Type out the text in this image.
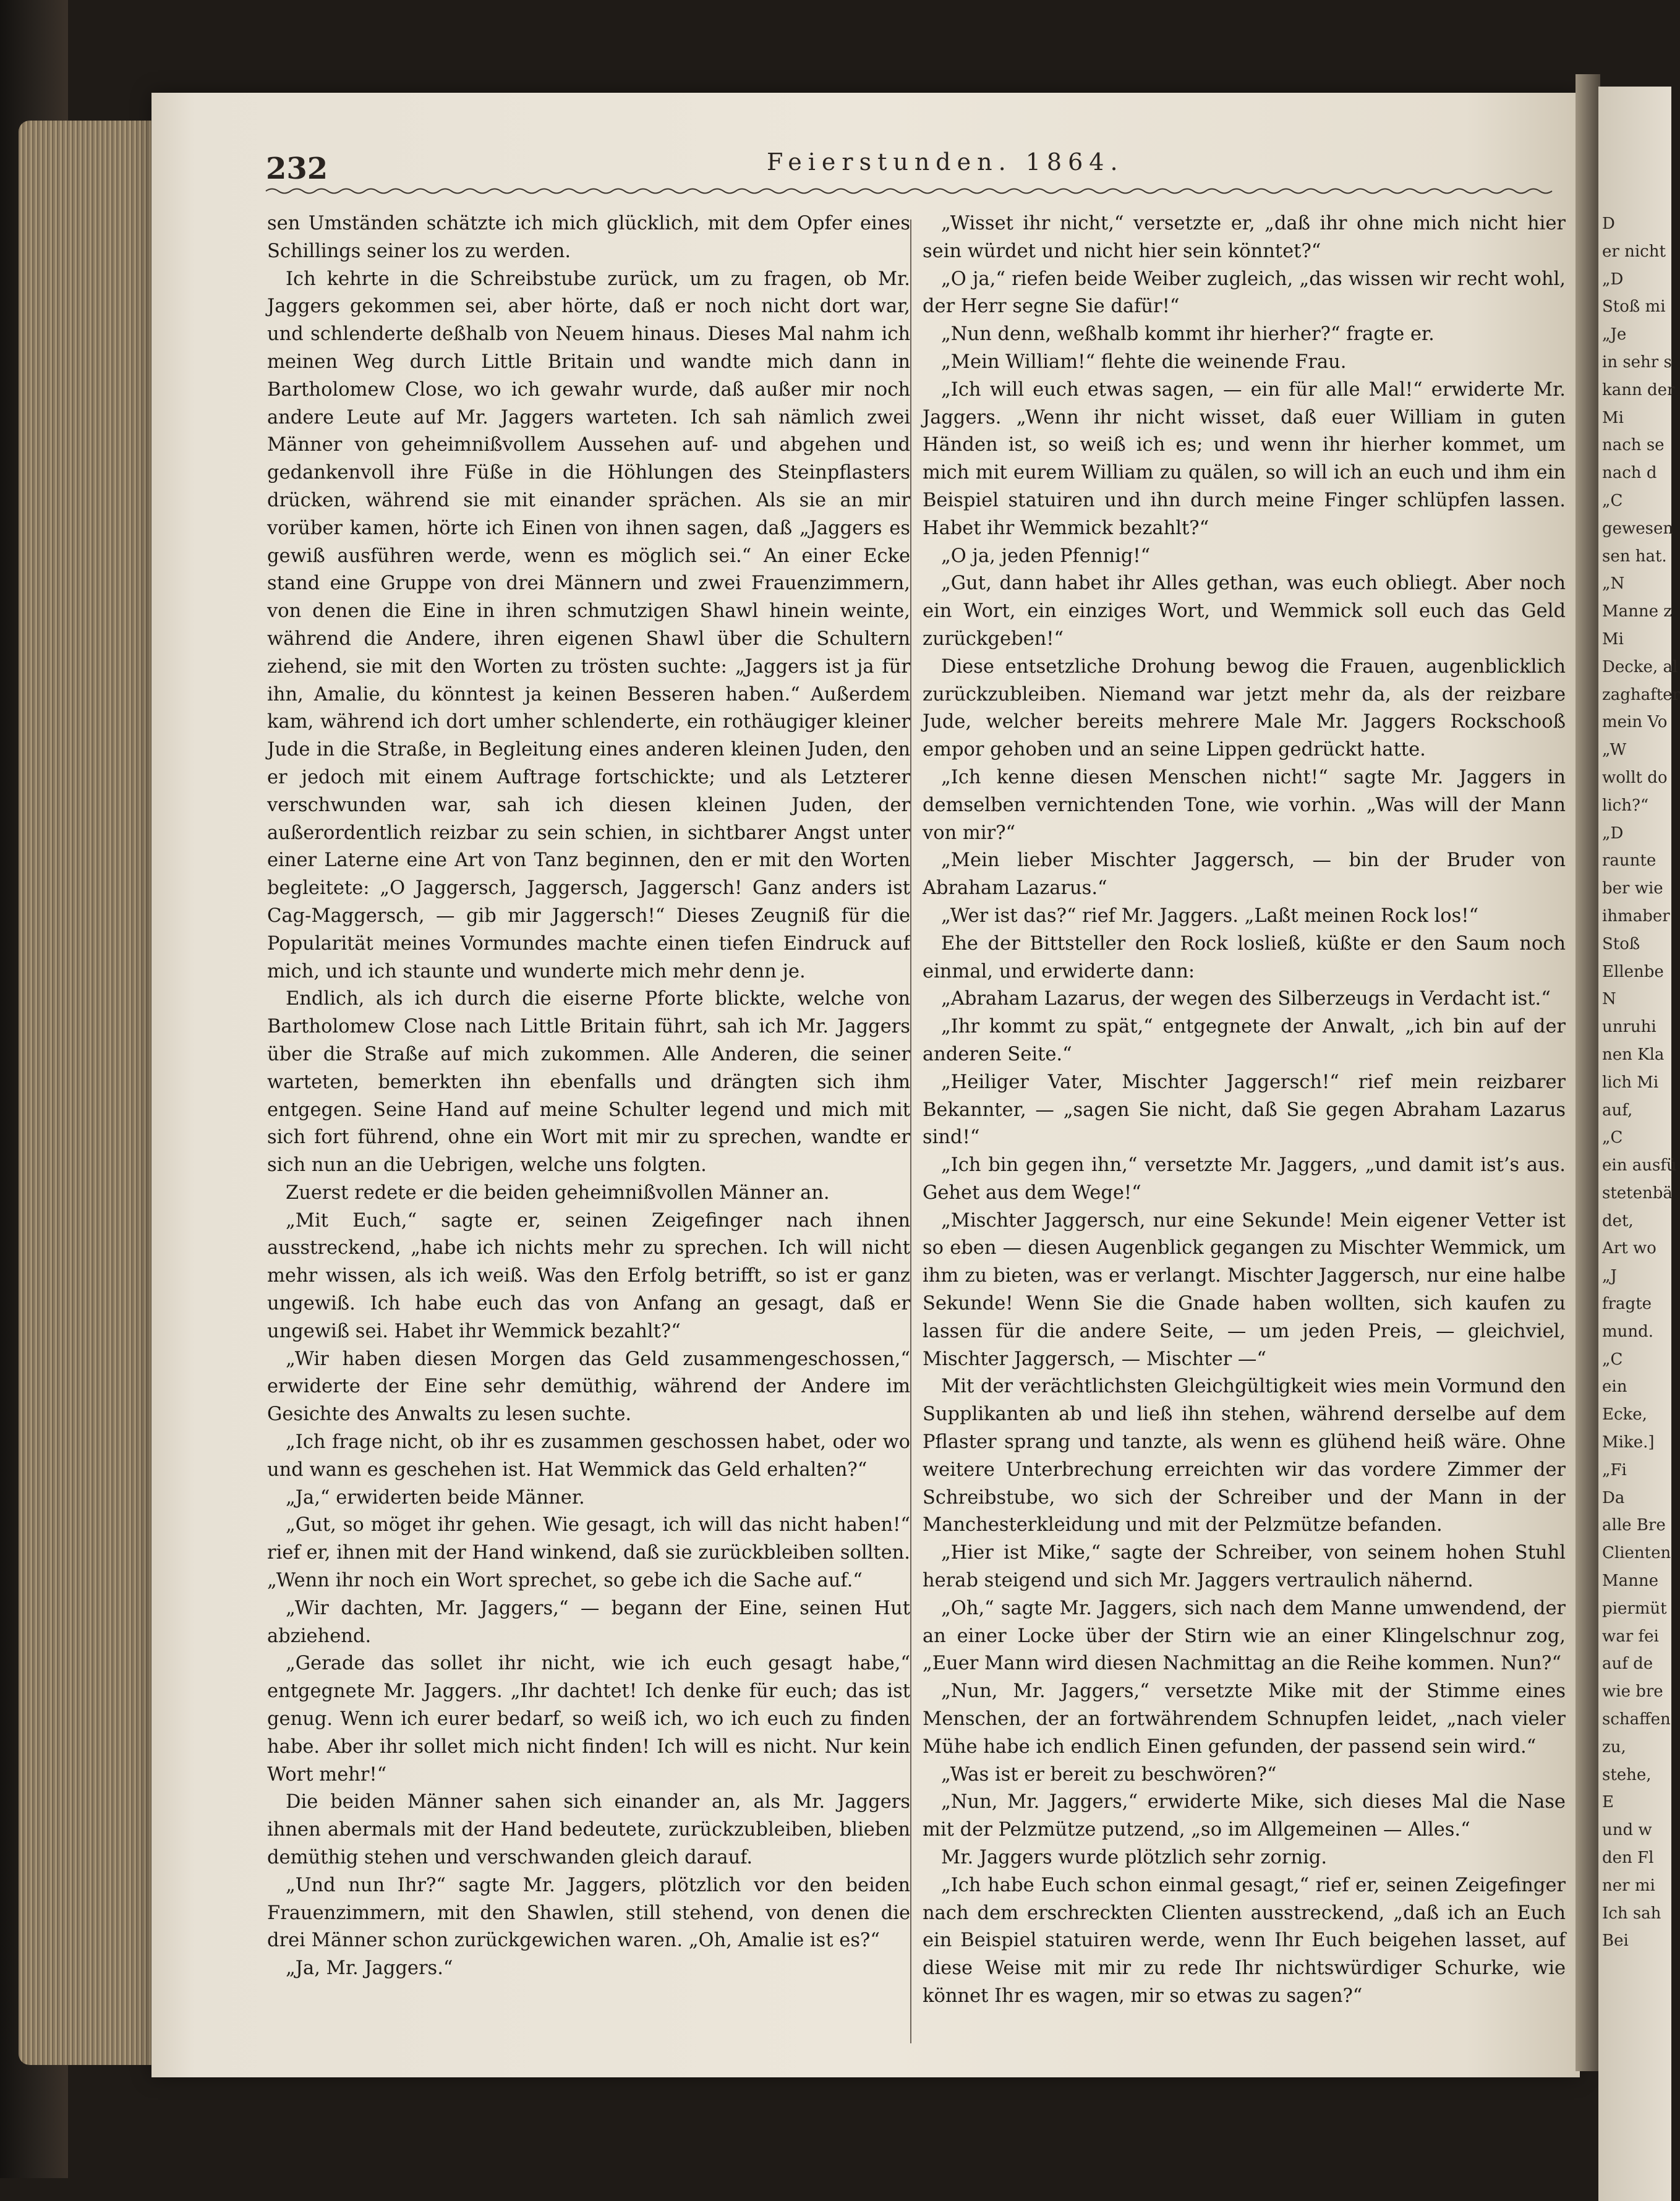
D
er nicht
„D
Stoß mi
„Je
in sehr s
kann der
Mi
nach se
nach d
„C
gewesen
sen hat.
„N
Manne z
Mi
Decke, al
zaghafter
mein Vo
„W
wollt do
lich?“
„D
raunte
ber wie
ihmaber
Stoß
Ellenbe
N
unruhi
nen Kla
lich Mi
auf,
„C
ein ausfü
stetenbä
det,
Art wo
„J
fragte
mund.
„C
ein
Ecke,
Mike.]
„Fi
Da
alle Bre
Clienten
Manne
piermüt
war fei
auf de
wie bre
schaffen
zu,
stehe,
E
und w
den Fl
ner mi
Ich sah
Bei
232	Feierstunden. 1864.

sen Umständen schätzte ich mich glücklich, mit dem Opfer eines Schillings seiner los zu werden.

Ich kehrte in die Schreibstube zurück, um zu fragen, ob Mr. Jaggers gekommen sei, aber hörte, daß er noch nicht dort war, und schlenderte deßhalb von Neuem hinaus. Dieses Mal nahm ich meinen Weg durch Little Britain und wandte mich dann in Bartholomew Close, wo ich gewahr wurde, daß außer mir noch andere Leute auf Mr. Jaggers warteten. Ich sah nämlich zwei Männer von geheimnißvollem Aussehen auf- und abgehen und gedankenvoll ihre Füße in die Höhlungen des Steinpflasters drücken, während sie mit einander sprächen. Als sie an mir vorüber kamen, hörte ich Einen von ihnen sagen, daß „Jaggers es gewiß ausführen werde, wenn es möglich sei.“ An einer Ecke stand eine Gruppe von drei Männern und zwei Frauenzimmern, von denen die Eine in ihren schmutzigen Shawl hinein weinte, während die Andere, ihren eigenen Shawl über die Schultern ziehend, sie mit den Worten zu trösten suchte: „Jaggers ist ja für ihn, Amalie, du könntest ja keinen Besseren haben.“ Außerdem kam, während ich dort umher schlenderte, ein rothäugiger kleiner Jude in die Straße, in Begleitung eines anderen kleinen Juden, den er jedoch mit einem Auftrage fortschickte; und als Letzterer verschwunden war, sah ich diesen kleinen Juden, der außerordentlich reizbar zu sein schien, in sichtbarer Angst unter einer Laterne eine Art von Tanz beginnen, den er mit den Worten begleitete: „O Jaggersch, Jaggersch, Jaggersch! Ganz anders ist Cag-Maggersch, — gib mir Jaggersch!“ Dieses Zeugniß für die Popularität meines Vormundes machte einen tiefen Eindruck auf mich, und ich staunte und wunderte mich mehr denn je.

Endlich, als ich durch die eiserne Pforte blickte, welche von Bartholomew Close nach Little Britain führt, sah ich Mr. Jaggers über die Straße auf mich zukommen. Alle Anderen, die seiner warteten, bemerkten ihn ebenfalls und drängten sich ihm entgegen. Seine Hand auf meine Schulter legend und mich mit sich fort führend, ohne ein Wort mit mir zu sprechen, wandte er sich nun an die Uebrigen, welche uns folgten.

Zuerst redete er die beiden geheimnißvollen Männer an.

„Mit Euch,“ sagte er, seinen Zeigefinger nach ihnen ausstreckend, „habe ich nichts mehr zu sprechen. Ich will nicht mehr wissen, als ich weiß. Was den Erfolg betrifft, so ist er ganz ungewiß. Ich habe euch das von Anfang an gesagt, daß er ungewiß sei. Habet ihr Wemmick bezahlt?“

„Wir haben diesen Morgen das Geld zusammengeschossen,“ erwiderte der Eine sehr demüthig, während der Andere im Gesichte des Anwalts zu lesen suchte.

„Ich frage nicht, ob ihr es zusammen geschossen habet, oder wo und wann es geschehen ist. Hat Wemmick das Geld erhalten?“

„Ja,“ erwiderten beide Männer.

„Gut, so möget ihr gehen. Wie gesagt, ich will das nicht haben!“ rief er, ihnen mit der Hand winkend, daß sie zurückbleiben sollten. „Wenn ihr noch ein Wort sprechet, so gebe ich die Sache auf.“

„Wir dachten, Mr. Jaggers,“ — begann der Eine, seinen Hut abziehend.

„Gerade das sollet ihr nicht, wie ich euch gesagt habe,“ entgegnete Mr. Jaggers. „Ihr dachtet! Ich denke für euch; das ist genug. Wenn ich eurer bedarf, so weiß ich, wo ich euch zu finden habe. Aber ihr sollet mich nicht finden! Ich will es nicht. Nur kein Wort mehr!“

Die beiden Männer sahen sich einander an, als Mr. Jaggers ihnen abermals mit der Hand bedeutete, zurückzubleiben, blieben demüthig stehen und verschwanden gleich darauf.

„Und nun Ihr?“ sagte Mr. Jaggers, plötzlich vor den beiden Frauenzimmern, mit den Shawlen, still stehend, von denen die drei Männer schon zurückgewichen waren. „Oh, Amalie ist es?“

„Ja, Mr. Jaggers.“

„Wisset ihr nicht,“ versetzte er, „daß ihr ohne mich nicht hier sein würdet und nicht hier sein könntet?“

„O ja,“ riefen beide Weiber zugleich, „das wissen wir recht wohl, der Herr segne Sie dafür!“

„Nun denn, weßhalb kommt ihr hierher?“ fragte er.

„Mein William!“ flehte die weinende Frau.

„Ich will euch etwas sagen, — ein für alle Mal!“ erwiderte Mr. Jaggers. „Wenn ihr nicht wisset, daß euer William in guten Händen ist, so weiß ich es; und wenn ihr hierher kommet, um mich mit eurem William zu quälen, so will ich an euch und ihm ein Beispiel statuiren und ihn durch meine Finger schlüpfen lassen. Habet ihr Wemmick bezahlt?“

„O ja, jeden Pfennig!“

„Gut, dann habet ihr Alles gethan, was euch obliegt. Aber noch ein Wort, ein einziges Wort, und Wemmick soll euch das Geld zurückgeben!“

Diese entsetzliche Drohung bewog die Frauen, augenblicklich zurückzubleiben. Niemand war jetzt mehr da, als der reizbare Jude, welcher bereits mehrere Male Mr. Jaggers Rockschooß empor gehoben und an seine Lippen gedrückt hatte.

„Ich kenne diesen Menschen nicht!“ sagte Mr. Jaggers in demselben vernichtenden Tone, wie vorhin. „Was will der Mann von mir?“

„Mein lieber Mischter Jaggersch, — bin der Bruder von Abraham Lazarus.“

„Wer ist das?“ rief Mr. Jaggers. „Laßt meinen Rock los!“

Ehe der Bittsteller den Rock losließ, küßte er den Saum noch einmal, und erwiderte dann:

„Abraham Lazarus, der wegen des Silberzeugs in Verdacht ist.“

„Ihr kommt zu spät,“ entgegnete der Anwalt, „ich bin auf der anderen Seite.“

„Heiliger Vater, Mischter Jaggersch!“ rief mein reizbarer Bekannter, — „sagen Sie nicht, daß Sie gegen Abraham Lazarus sind!“

„Ich bin gegen ihn,“ versetzte Mr. Jaggers, „und damit ist’s aus. Gehet aus dem Wege!“

„Mischter Jaggersch, nur eine Sekunde! Mein eigener Vetter ist so eben — diesen Augenblick gegangen zu Mischter Wemmick, um ihm zu bieten, was er verlangt. Mischter Jaggersch, nur eine halbe Sekunde! Wenn Sie die Gnade haben wollten, sich kaufen zu lassen für die andere Seite, — um jeden Preis, — gleichviel, Mischter Jaggersch, — Mischter —“

Mit der verächtlichsten Gleichgültigkeit wies mein Vormund den Supplikanten ab und ließ ihn stehen, während derselbe auf dem Pflaster sprang und tanzte, als wenn es glühend heiß wäre. Ohne weitere Unterbrechung erreichten wir das vordere Zimmer der Schreibstube, wo sich der Schreiber und der Mann in der Manchesterkleidung und mit der Pelzmütze befanden.

„Hier ist Mike,“ sagte der Schreiber, von seinem hohen Stuhl herab steigend und sich Mr. Jaggers vertraulich nähernd.

„Oh,“ sagte Mr. Jaggers, sich nach dem Manne umwendend, der an einer Locke über der Stirn wie an einer Klingelschnur zog, „Euer Mann wird diesen Nachmittag an die Reihe kommen. Nun?“

„Nun, Mr. Jaggers,“ versetzte Mike mit der Stimme eines Menschen, der an fortwährendem Schnupfen leidet, „nach vieler Mühe habe ich endlich Einen gefunden, der passend sein wird.“

„Was ist er bereit zu beschwören?“

„Nun, Mr. Jaggers,“ erwiderte Mike, sich dieses Mal die Nase mit der Pelzmütze putzend, „so im Allgemeinen — Alles.“

Mr. Jaggers wurde plötzlich sehr zornig.

„Ich habe Euch schon einmal gesagt,“ rief er, seinen Zeigefinger nach dem erschreckten Clienten ausstreckend, „daß ich an Euch ein Beispiel statuiren werde, wenn Ihr Euch beigehen lasset, auf diese Weise mit mir zu rede Ihr nichtswürdiger Schurke, wie könnet Ihr es wagen, mir so etwas zu sagen?“
